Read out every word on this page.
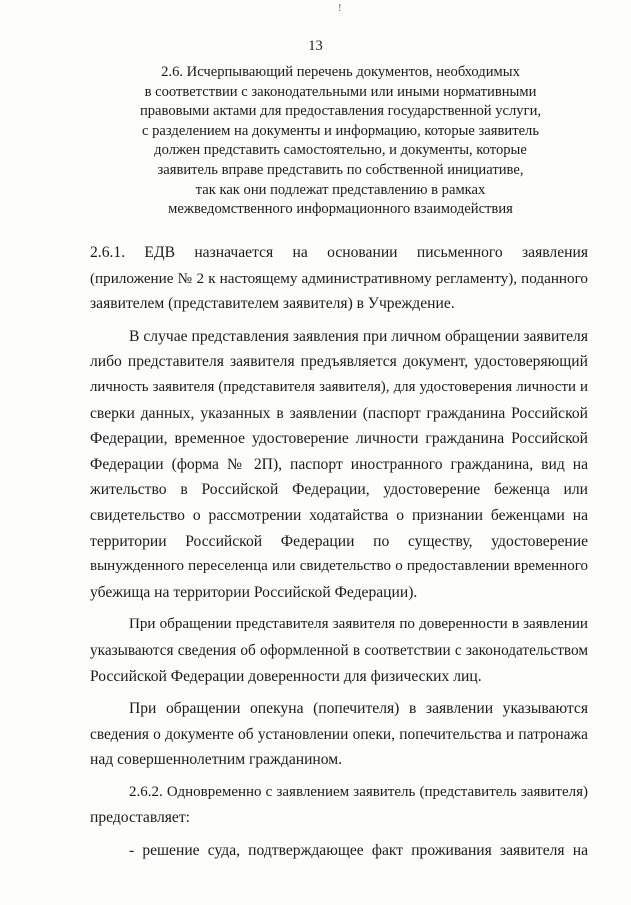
!
13
2.6. Исчерпывающий перечень документов, необходимых
в соответствии с законодательными или иными нормативными
правовыми актами для предоставления государственной услуги,
с разделением на документы и информацию, которые заявитель
должен представить самостоятельно, и документы, которые
заявитель вправе представить по собственной инициативе,
так как они подлежат представлению в рамках
межведомственного информационного взаимодействия
2.6.1. ЕДВ назначается на основании письменного заявления
(приложение № 2 к настоящему административному регламенту), поданного
заявителем (представителем заявителя) в Учреждение.
В случае представления заявления при личном обращении заявителя
либо представителя заявителя предъявляется документ, удостоверяющий
личность заявителя (представителя заявителя), для удостоверения личности и
сверки данных, указанных в заявлении (паспорт гражданина Российской
Федерации, временное удостоверение личности гражданина Российской
Федерации (форма № 2П), паспорт иностранного гражданина, вид на
жительство в Российской Федерации, удостоверение беженца или
свидетельство о рассмотрении ходатайства о признании беженцами на
территории Российской Федерации по существу, удостоверение
вынужденного переселенца или свидетельство о предоставлении временного
убежища на территории Российской Федерации).
При обращении представителя заявителя по доверенности в заявлении
указываются сведения об оформленной в соответствии с законодательством
Российской Федерации доверенности для физических лиц.
При обращении опекуна (попечителя) в заявлении указываются
сведения о документе об установлении опеки, попечительства и патронажа
над совершеннолетним гражданином.
2.6.2. Одновременно с заявлением заявитель (представитель заявителя)
предоставляет:
- решение суда, подтверждающее факт проживания заявителя на
